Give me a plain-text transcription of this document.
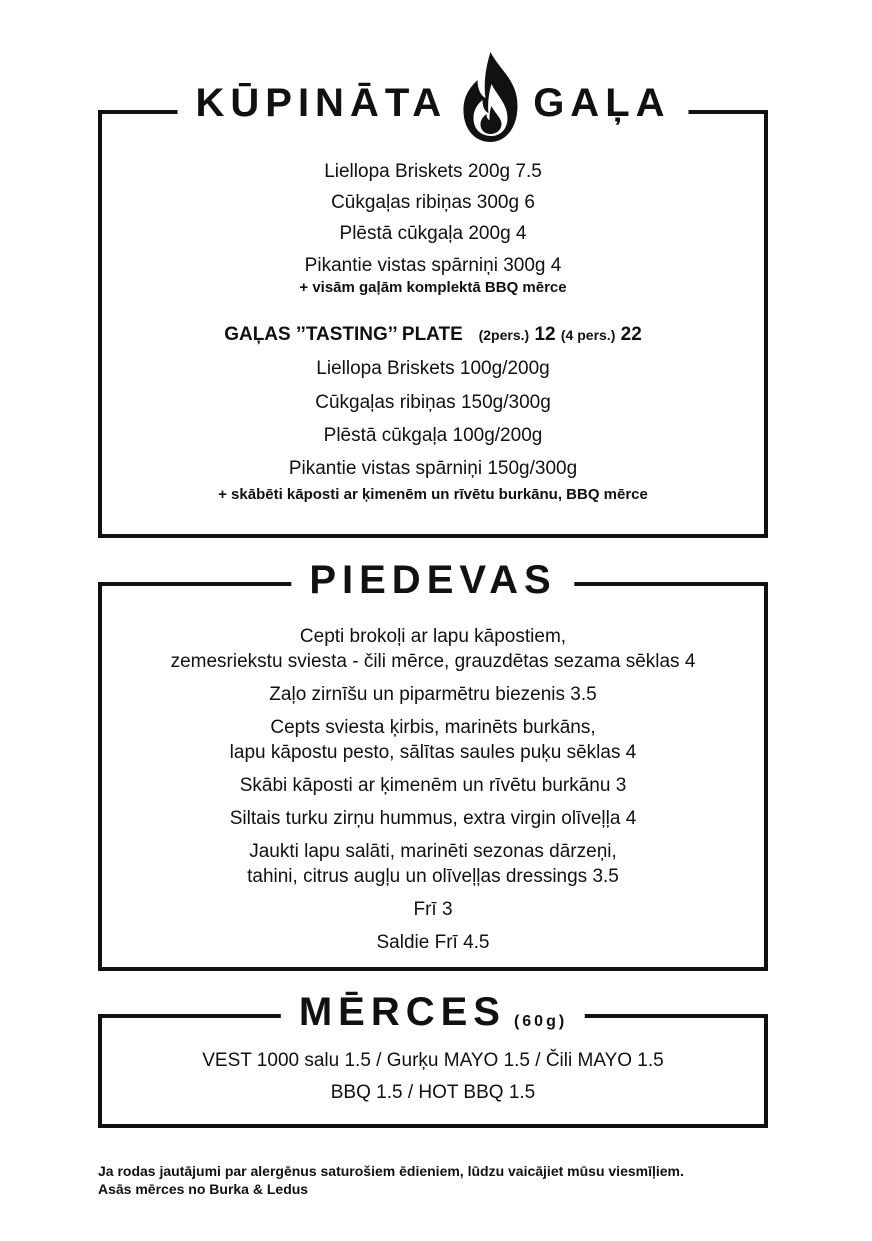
KŪPINĀTA GAĻA
Liellopa Briskets 200g 7.5
Cūkgaļas ribiņas 300g 6
Plēstā cūkgaļa 200g 4
Pikantie vistas spārniņi 300g 4
+ visām gaļām komplektā BBQ mērce
GAĻAS ’’TASTING’’ PLATE (2pers.) 12 (4 pers.) 22
Liellopa Briskets 100g/200g
Cūkgaļas ribiņas 150g/300g
Plēstā cūkgaļa 100g/200g
Pikantie vistas spārniņi 150g/300g
+ skābēti kāposti ar ķimenēm un rīvētu burkānu, BBQ mērce
PIEDEVAS
Cepti brokoļi ar lapu kāpostiem,
zemesriekstu sviesta - čili mērce, grauzdētas sezama sēklas 4
Zaļo zirnīšu un piparmētru biezenis 3.5
Cepts sviesta ķirbis, marinēts burkāns,
lapu kāpostu pesto, sālītas saules puķu sēklas 4
Skābi kāposti ar ķimenēm un rīvētu burkānu 3
Siltais turku zirņu hummus, extra virgin olīveļļa 4
Jaukti lapu salāti, marinēti sezonas dārzeņi,
tahini, citrus augļu un olīveļļas dressings 3.5
Frī 3
Saldie Frī 4.5
MĒRCES (60g)
VEST 1000 salu 1.5 / Gurķu MAYO 1.5 / Čili MAYO 1.5
BBQ 1.5 / HOT BBQ 1.5
Ja rodas jautājumi par alergēnus saturošiem ēdieniem, lūdzu vaicājiet mūsu viesmīļiem.
Asās mērces no Burka & Ledus
